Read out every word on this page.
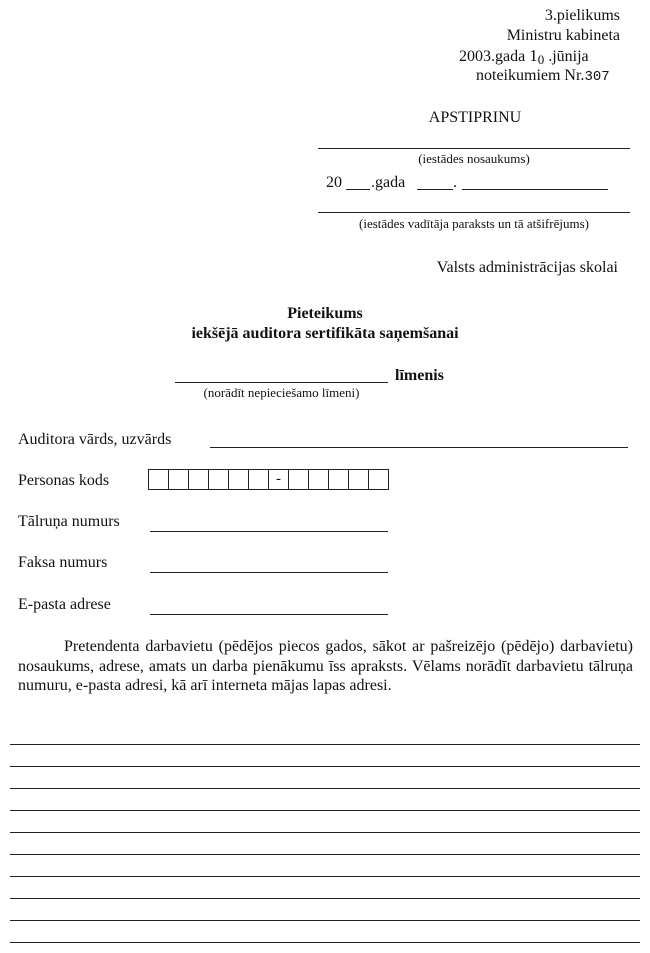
3.pielikums
Ministru kabineta
2003.gada 10 .jūnija
noteikumiem Nr.307
APSTIPRINU
(iestādes nosaukums)
20 .gada	.
(iestādes vadītāja paraksts un tā atšifrējums)
Valsts administrācijas skolai
Pieteikums
iekšējā auditora sertifikāta saņemšanai
līmenis
(norādīt nepieciešamo līmeni)
Auditora vārds, uzvārds
Personas kods	-
Tālruņa numurs
Faksa numurs
E-pasta adrese
Pretendenta darbavietu (pēdējos piecos gados, sākot ar pašreizējo (pēdējo) darbavietu) nosaukums, adrese, amats un darba pienākumu īss apraksts. Vēlams norādīt darbavietu tālruņa numuru, e-pasta adresi, kā arī interneta mājas lapas adresi.
